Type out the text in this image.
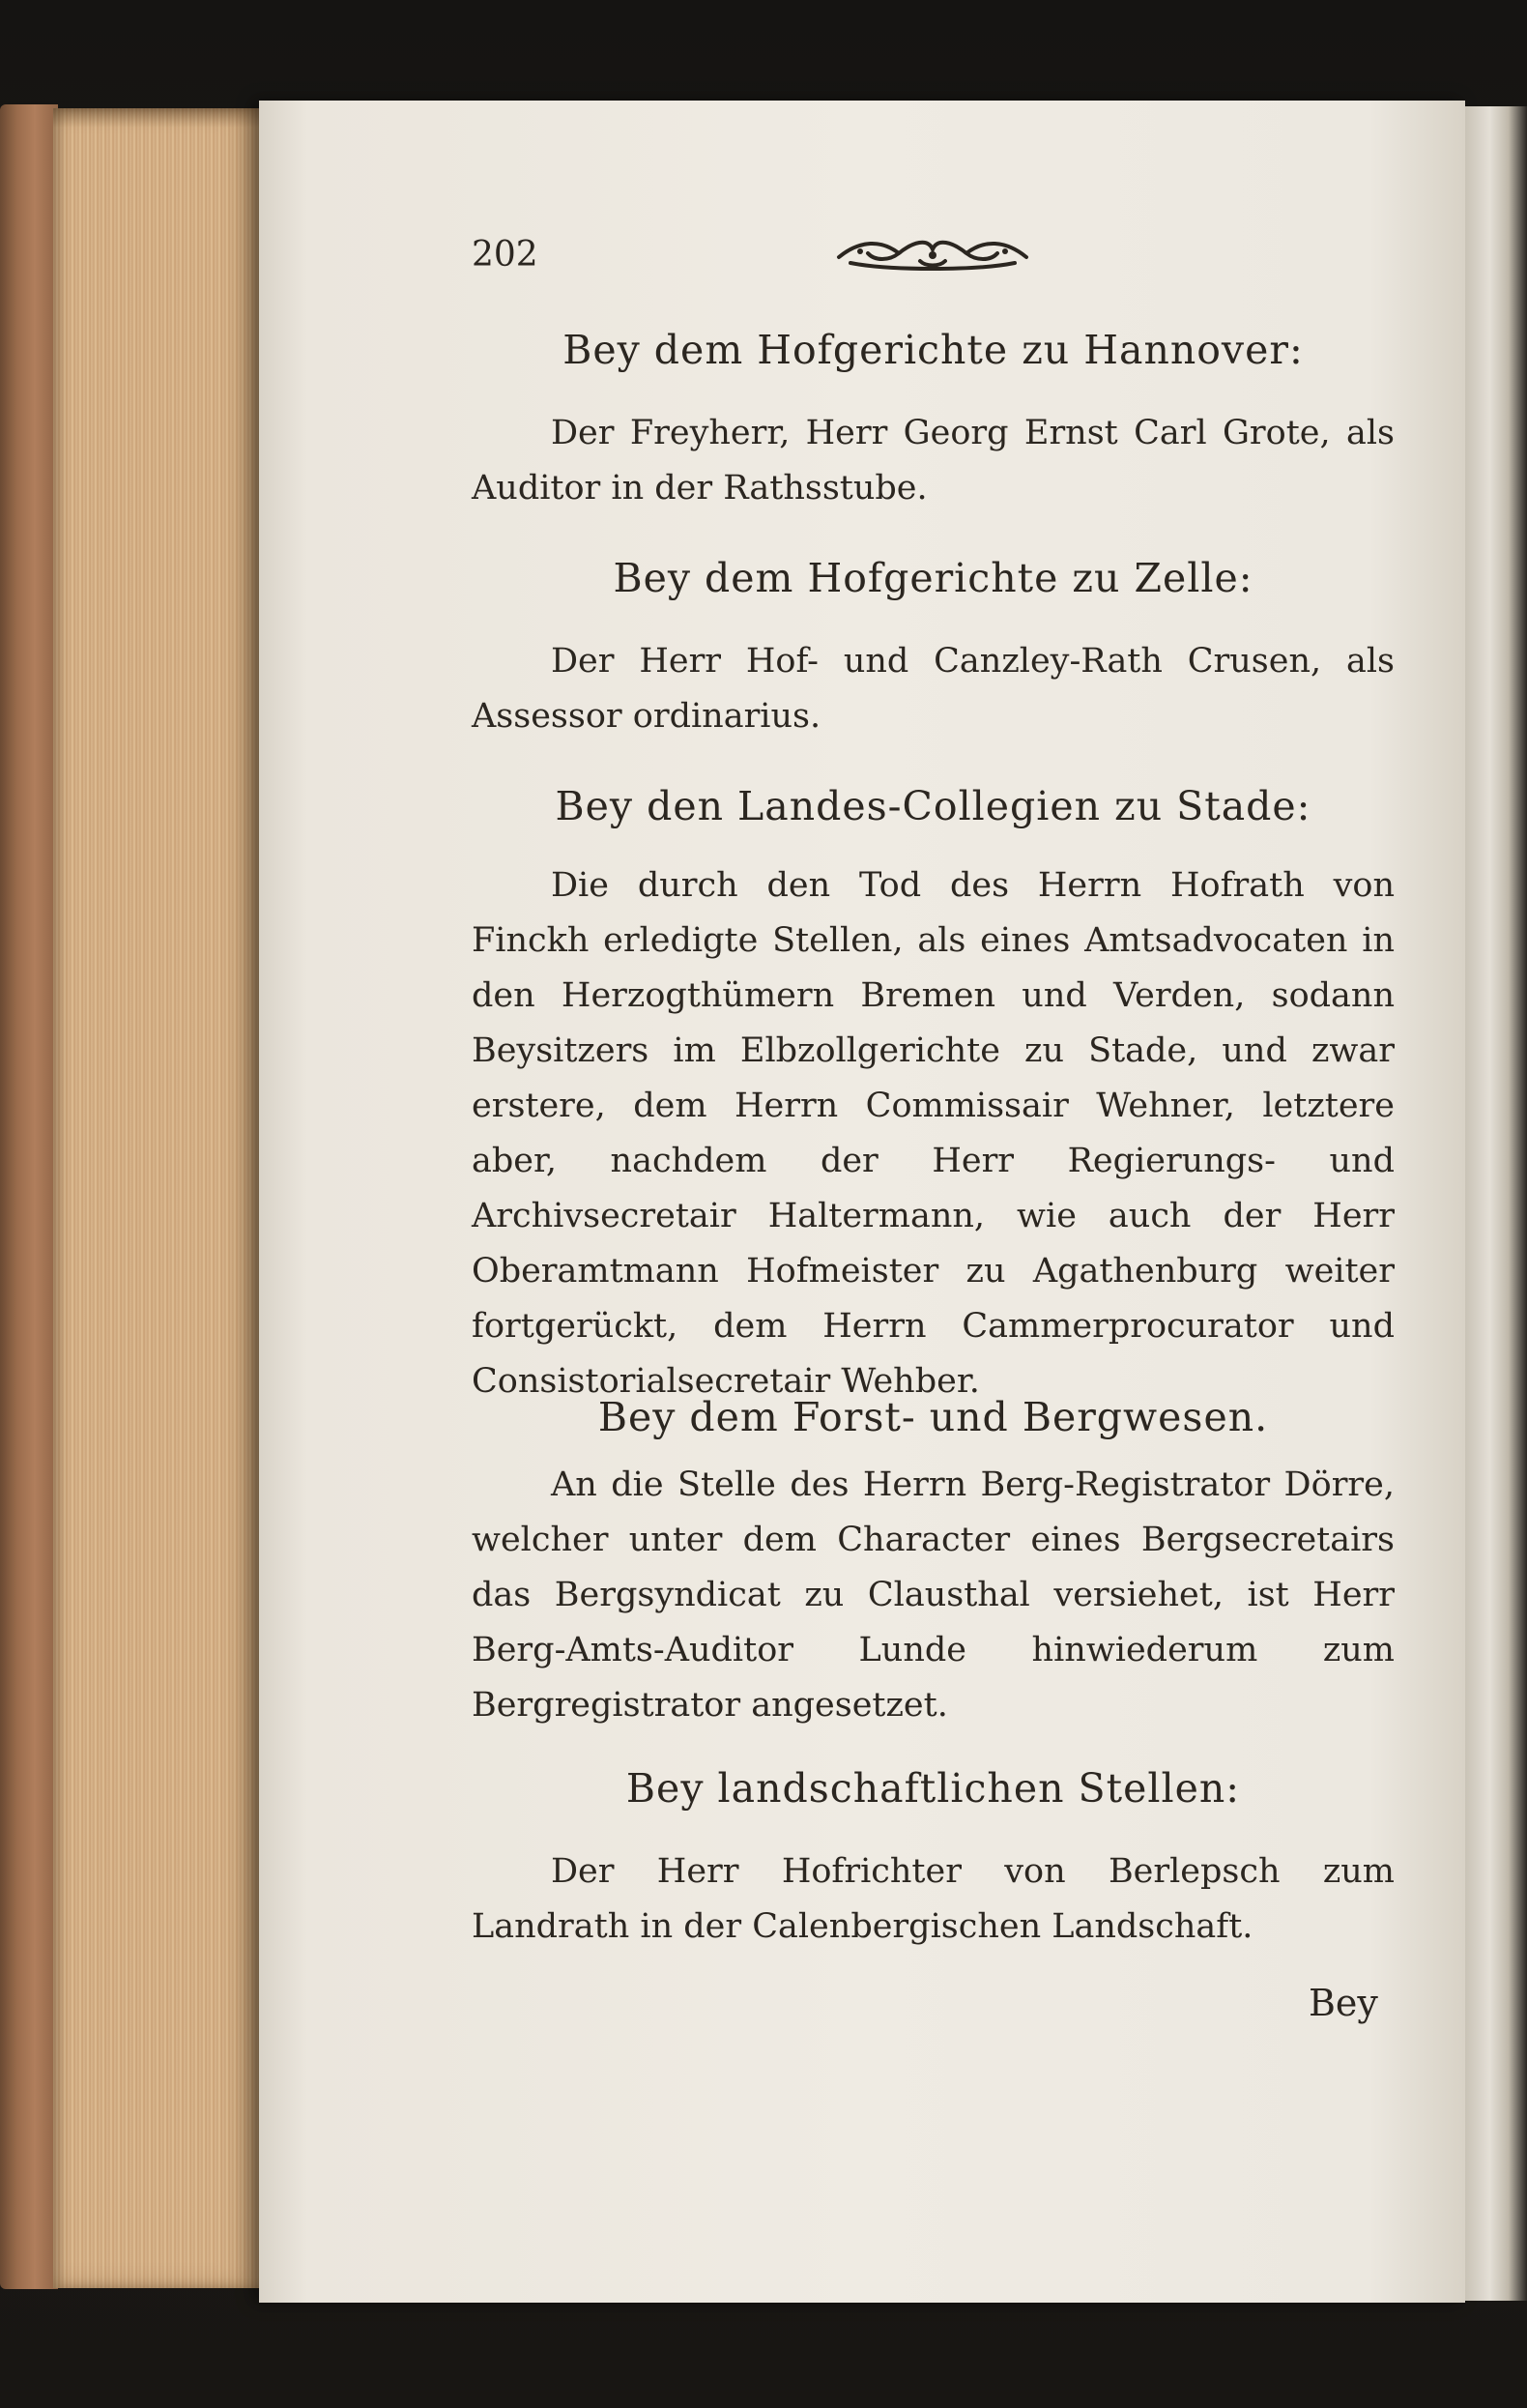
202
Bey dem Hofgerichte zu Hannover:
Der Freyherr, Herr Georg Ernst Carl Grote, als Auditor in der Rathsstube.
Bey dem Hofgerichte zu Zelle:
Der Herr Hof- und Canzley-Rath Crusen, als Assessor ordinarius.
Bey den Landes-Collegien zu Stade:
Die durch den Tod des Herrn Hofrath von Finckh erledigte Stellen, als eines Amtsadvocaten in den Herzogthümern Bremen und Verden, sodann Beysitzers im Elbzollgerichte zu Stade, und zwar erstere, dem Herrn Commissair Wehner, letztere aber, nachdem der Herr Regierungs- und Archivsecretair Haltermann, wie auch der Herr Oberamtmann Hofmeister zu Agathenburg weiter fortgerückt, dem Herrn Cammerprocurator und Consistorialsecretair Wehber.
Bey dem Forst- und Bergwesen.
An die Stelle des Herrn Berg-Registrator Dörre, welcher unter dem Character eines Bergsecretairs das Bergsyndicat zu Clausthal versiehet, ist Herr Berg-Amts-Auditor Lunde hinwiederum zum Bergregistrator angesetzet.
Bey landschaftlichen Stellen:
Der Herr Hofrichter von Berlepsch zum Landrath in der Calenbergischen Landschaft.
Bey
